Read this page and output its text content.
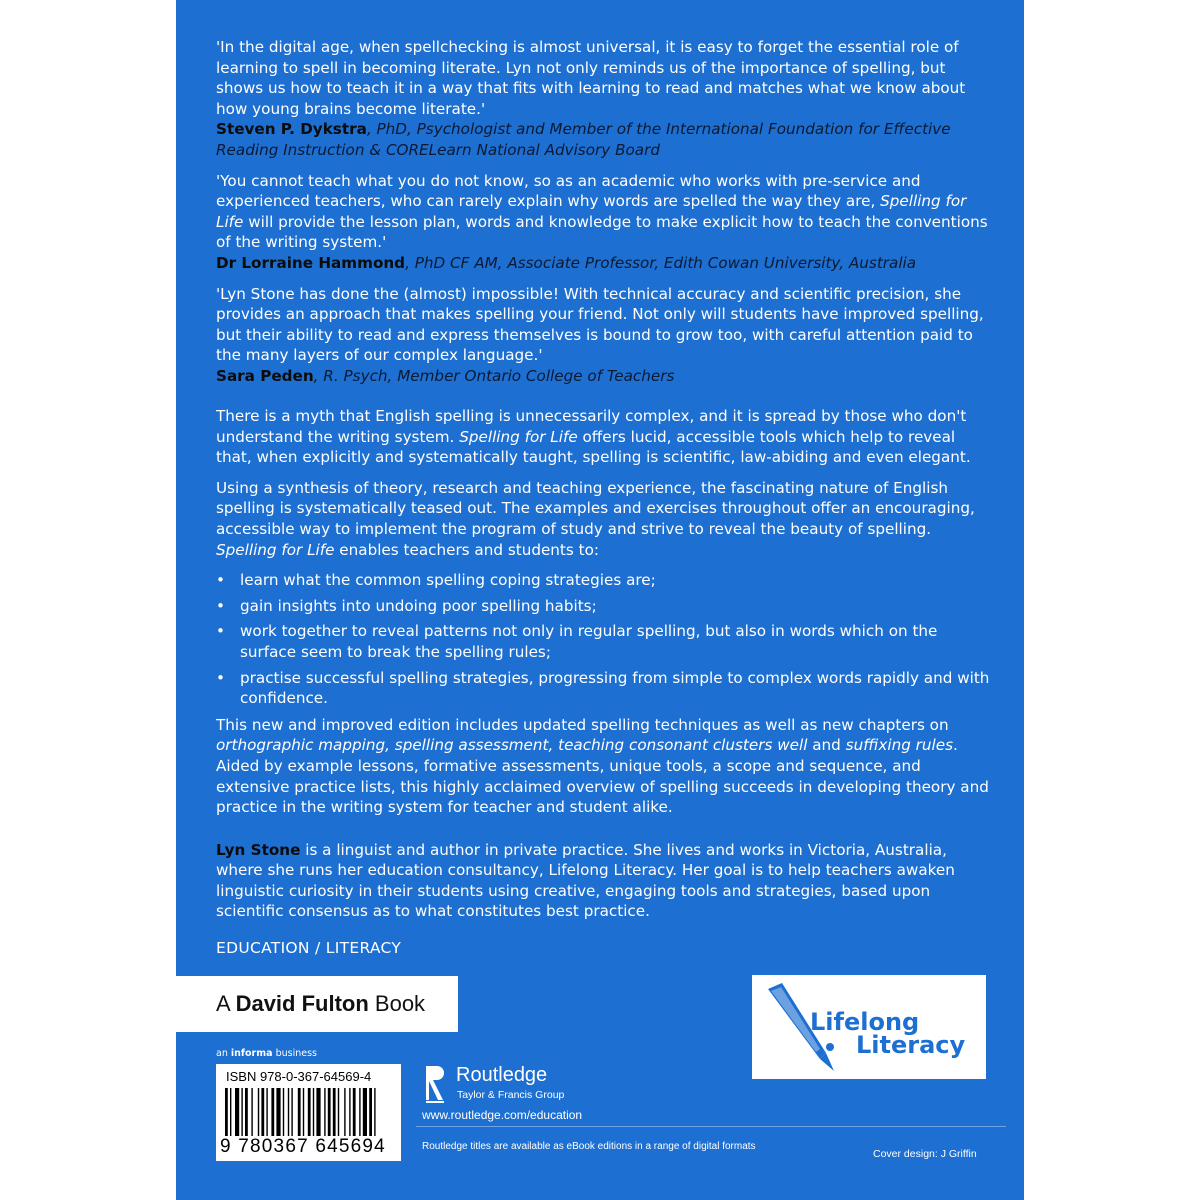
'In the digital age, when spellchecking is almost universal, it is easy to forget the essential role of learning to spell in becoming literate. Lyn not only reminds us of the importance of spelling, but shows us how to teach it in a way that fits with learning to read and matches what we know about how young brains become literate.'

Steven P. Dykstra, PhD, Psychologist and Member of the International Foundation for Effective Reading Instruction & CORELearn National Advisory Board

'You cannot teach what you do not know, so as an academic who works with pre-service and experienced teachers, who can rarely explain why words are spelled the way they are, Spelling for Life will provide the lesson plan, words and knowledge to make explicit how to teach the conventions of the writing system.'

Dr Lorraine Hammond, PhD CF AM, Associate Professor, Edith Cowan University, Australia

'Lyn Stone has done the (almost) impossible! With technical accuracy and scientific precision, she provides an approach that makes spelling your friend. Not only will students have improved spelling, but their ability to read and express themselves is bound to grow too, with careful attention paid to the many layers of our complex language.'

Sara Peden, R. Psych, Member Ontario College of Teachers

There is a myth that English spelling is unnecessarily complex, and it is spread by those who don't understand the writing system. Spelling for Life offers lucid, accessible tools which help to reveal that, when explicitly and systematically taught, spelling is scientific, law-abiding and even elegant.

Using a synthesis of theory, research and teaching experience, the fascinating nature of English spelling is systematically teased out. The examples and exercises throughout offer an encouraging, accessible way to implement the program of study and strive to reveal the beauty of spelling. Spelling for Life enables teachers and students to:

• learn what the common spelling coping strategies are;
• gain insights into undoing poor spelling habits;
• work together to reveal patterns not only in regular spelling, but also in words which on the surface seem to break the spelling rules;
• practise successful spelling strategies, progressing from simple to complex words rapidly and with confidence.

This new and improved edition includes updated spelling techniques as well as new chapters on orthographic mapping, spelling assessment, teaching consonant clusters well and suffixing rules. Aided by example lessons, formative assessments, unique tools, a scope and sequence, and extensive practice lists, this highly acclaimed overview of spelling succeeds in developing theory and practice in the writing system for teacher and student alike.

Lyn Stone is a linguist and author in private practice. She lives and works in Victoria, Australia, where she runs her education consultancy, Lifelong Literacy. Her goal is to help teachers awaken linguistic curiosity in their students using creative, engaging tools and strategies, based upon scientific consensus as to what constitutes best practice.

EDUCATION / LITERACY
A David Fulton Book
an informa business
ISBN 978-0-367-64569-4
9 780367 645694
Routledge
Taylor & Francis Group
www.routledge.com/education
Routledge titles are available as eBook editions in a range of digital formats
Cover design: J Griffin
Lifelong
Literacy
